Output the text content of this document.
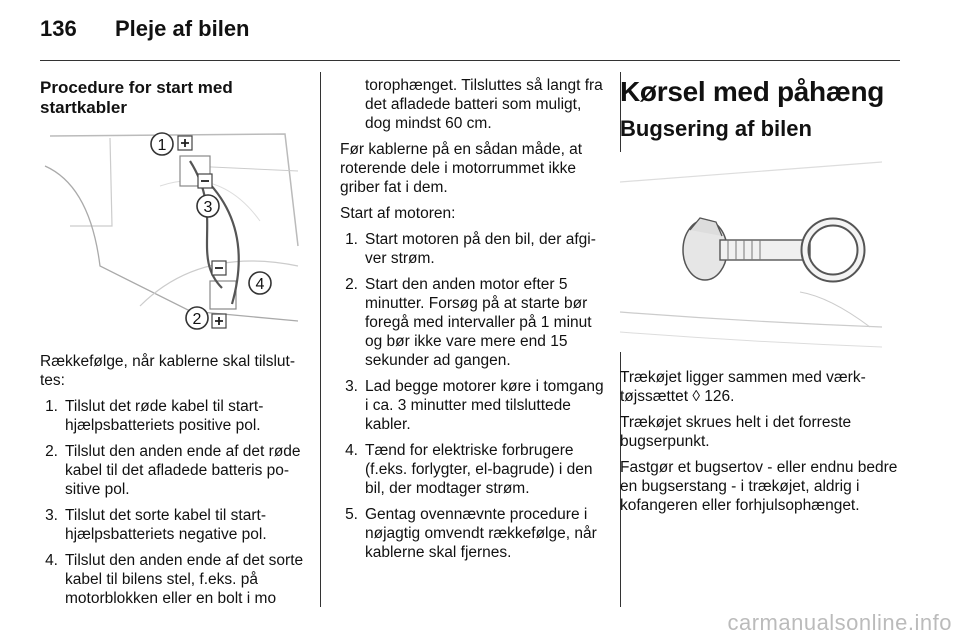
136 Pleje af bilen
Procedure for start med startkabler
1
2
3
4

Rækkefølge, når kablerne skal tilsluttes:

1. Tilslut det røde kabel til starthjælpsbatteriets positive pol.
2. Tilslut den anden ende af det røde kabel til det afladede batteris positive pol.
3. Tilslut det sorte kabel til starthjælpsbatteriets negative pol.
4. Tilslut den anden ende af det sorte kabel til bilens stel, f.eks. på motorblokken eller en bolt i mo
torophænget. Tilsluttes så langt fra det afladede batteri som muligt, dog mindst 60 cm.

Før kablerne på en sådan måde, at roterende dele i motorrummet ikke griber fat i dem.

Start af motoren:

1. Start motoren på den bil, der afgiver strøm.
2. Start den anden motor efter 5 minutter. Forsøg på at starte bør foregå med intervaller på 1 minut og bør ikke vare mere end 15 sekunder ad gangen.
3. Lad begge motorer køre i tomgang i ca. 3 minutter med tilsluttede kabler.
4. Tænd for elektriske forbrugere (f.eks. forlygter, el-bagrude) i den bil, der modtager strøm.
5. Gentag ovennævnte procedure i nøjagtig omvendt rækkefølge, når kablerne skal fjernes.
Kørsel med påhæng
Bugsering af bilen

Trækøjet ligger sammen med værktøjssættet ◊ 126.

Trækøjet skrues helt i det forreste bugserpunkt.

Fastgør et bugsertov - eller endnu bedre en bugserstang - i trækøjet, aldrig i kofangeren eller forhjulsophænget.

carmanualsonline.info
